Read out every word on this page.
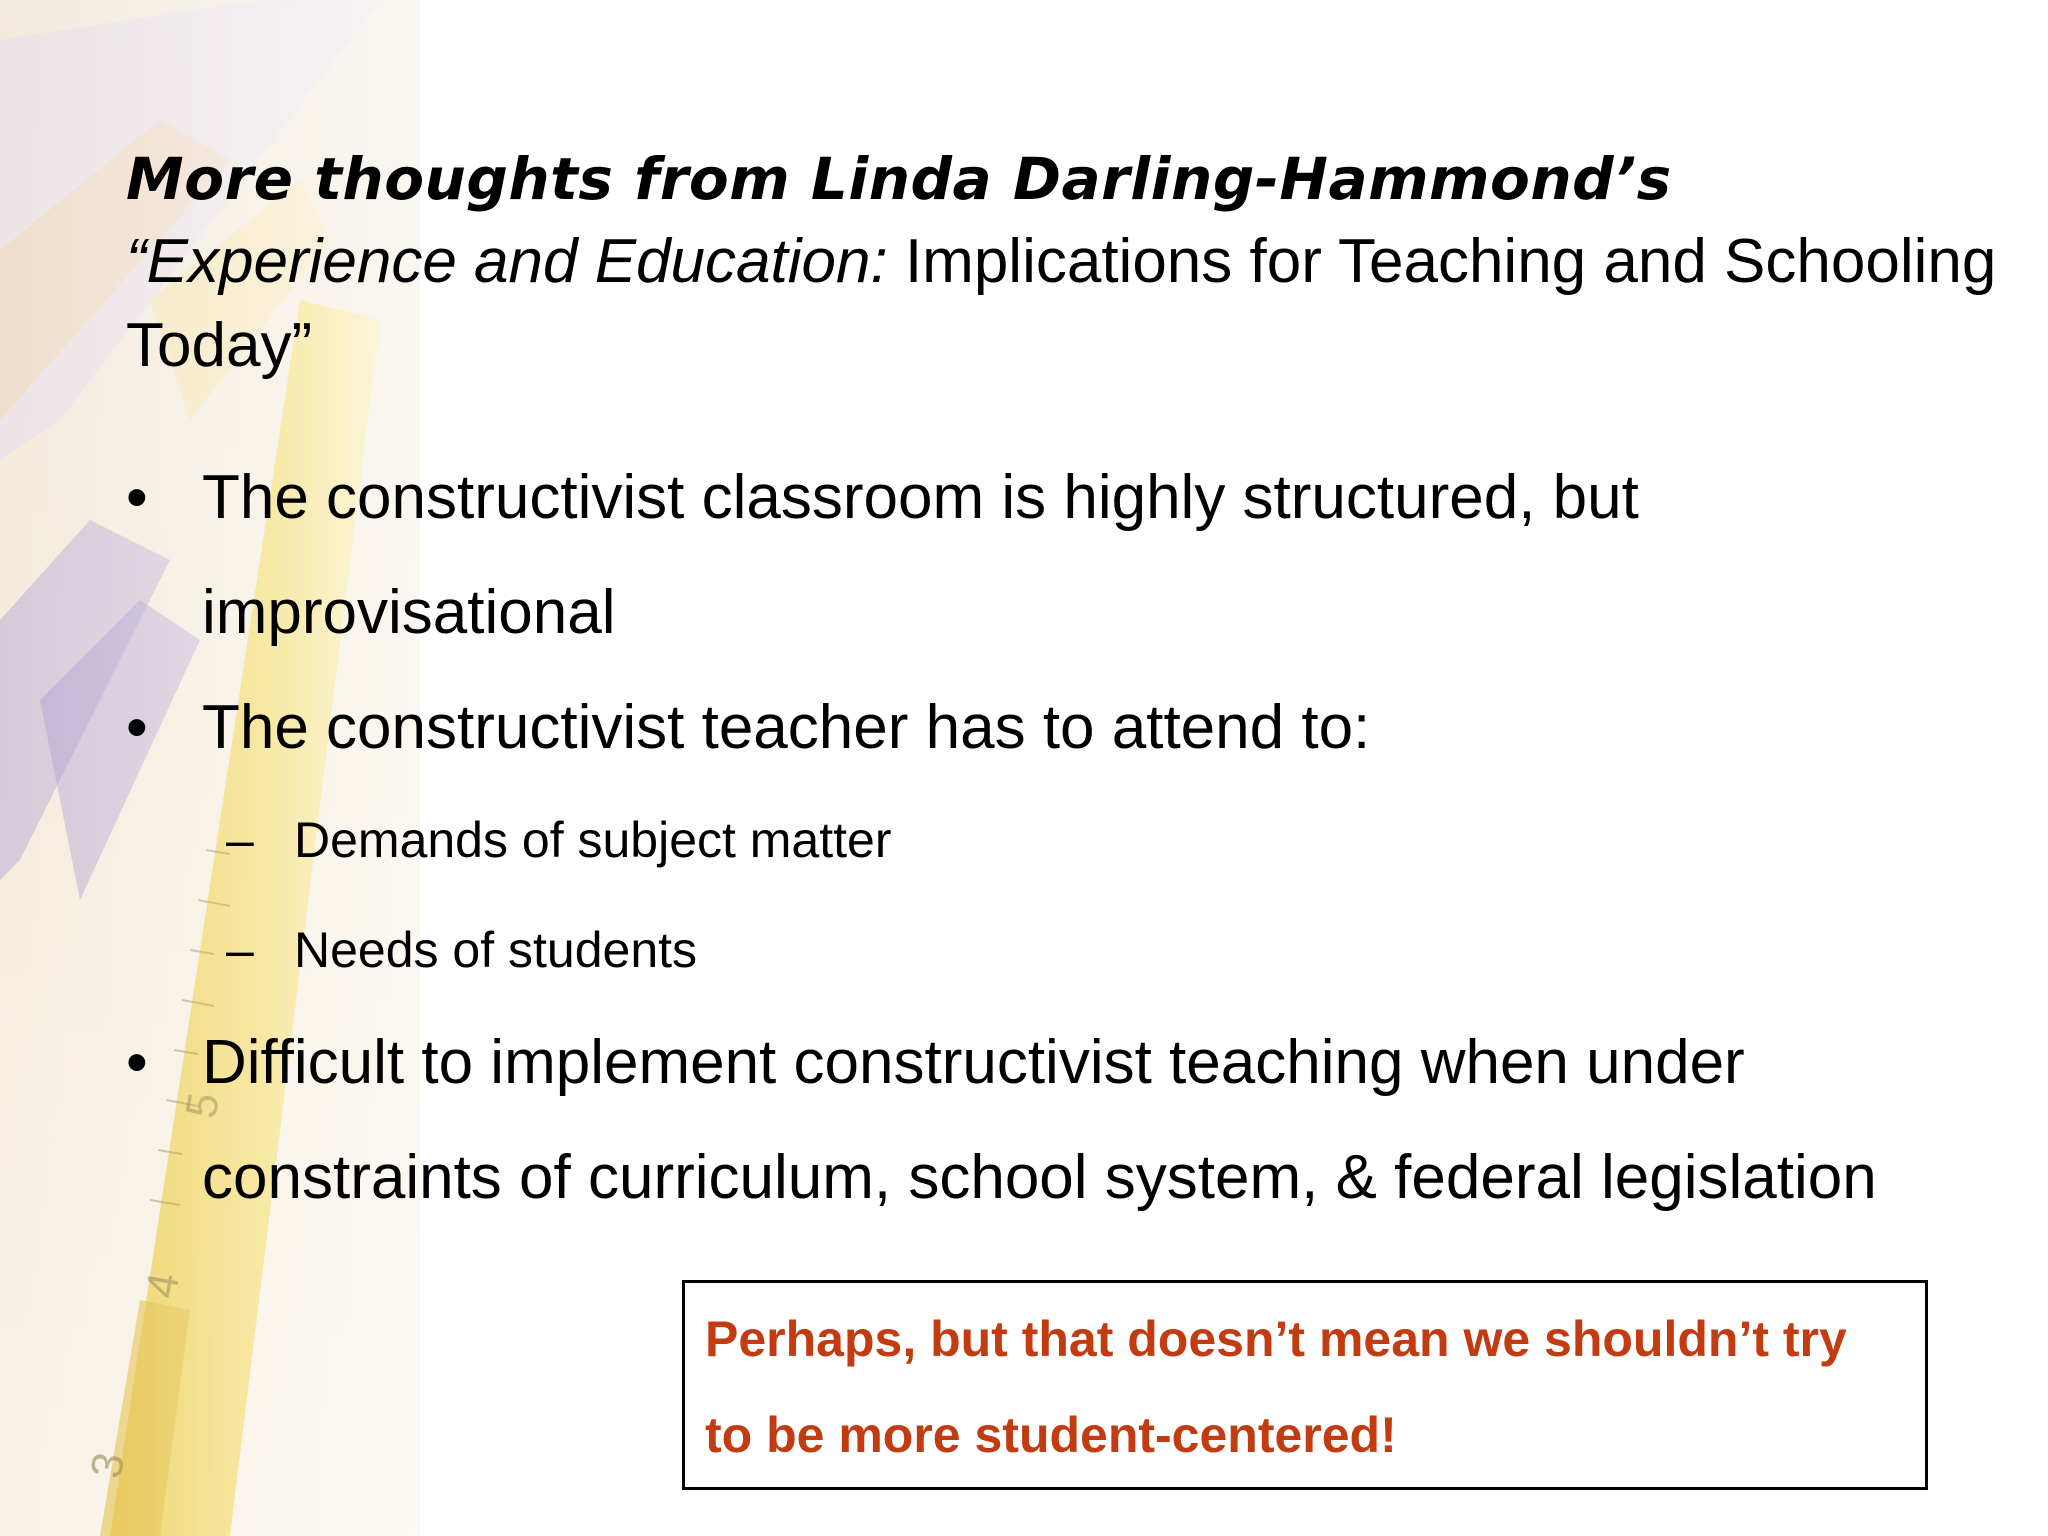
More thoughts from Linda Darling-Hammond’s
“Experience and Education: Implications for Teaching and Schooling Today”
• The constructivist classroom is highly structured, but improvisational
• The constructivist teacher has to attend to:
– Demands of subject matter
– Needs of students
• Difficult to implement constructivist teaching when under constraints of curriculum, school system, & federal legislation
Perhaps, but that doesn’t mean we shouldn’t try to be more student-centered!
